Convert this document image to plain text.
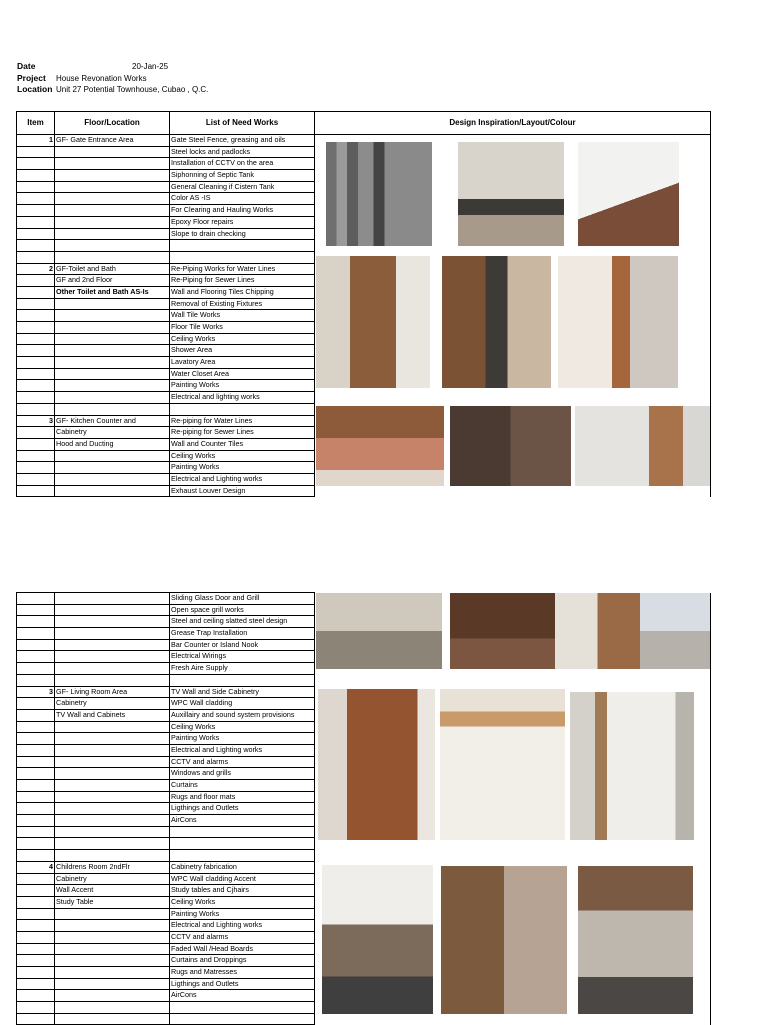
Date	20-Jan-25
Project House Revonation Works
Location Unit 27 Potential Townhouse, Cubao , Q.C.
Item	Floor/Location	List of Need Works	Design Inspiration/Layout/Colour
1	GF- Gate Entrance Area	Gate Steel Fence, greasing and oils	
		Steel locks and padlocks	
		Installation of CCTV on the area	
		Siphonning of Septic Tank	
		General Cleaning if Cistern Tank	
		Color AS -IS	
		For Clearing and Hauling Works	
		Epoxy Floor repairs	
		Slope to drain checking	

2	GF-Toilet and Bath	Re-Piping Works for Water Lines	
	GF and 2nd Floor	Re-Piping for Sewer Lines	
	Other Toilet and Bath AS-Is	Wall and Flooring Tiles Chipping	
		Removal of Existing Fixtures	
		Wall Tile Works	
		Floor Tile Works	
		Ceiling Works	
		Shower Area	
		Lavatory Area	
		Water Closet Area	
		Painting Works	
		Electrical and lighting works	

3	GF- Kitchen Counter and	Re-piping for Water Lines	
	Cabinetry	Re-piping for Sewer Lines	
	Hood and Ducting	Wall and Counter Tiles	
		Ceiling Works	
		Painting Works	
		Electrical and Lighting works	
		Exhaust Louver Design	
		Sliding Glass Door and Grill	
		Open space grill works	
		Steel and ceiling slatted steel design	
		Grease Trap Installation	
		Bar Counter or Island Nook	
		Electrical Wirings	
		Fresh Aire Supply	

3	GF- Living Room Area	TV Wall and Side Cabinetry	
	Cabinetry	WPC Wall cladding	
	TV Wall and Cabinets	Auxillairy and sound system provisions	
		Ceiling Works	
		Painting Works	
		Electrical and Lighting works	
		CCTV and alarms	
		Windows and grills	
		Curtains	
		Rugs and floor mats	
		Ligthings and Outlets	
		AirCons	

4	Childrens Room 2ndFlr	Cabinetry fabrication	
	Cabinetry	WPC Wall cladding Accent	
	Wall Accent	Study tables and Cjhairs	
	Study Table	Ceiling Works	
		Painting Works	
		Electrical and Lighting works	
		CCTV and alarms	
		Faded Wall /Head Boards	
		Curtains and Droppings	
		Rugs and Matresses	
		Ligthings and Outlets	
		AirCons	
